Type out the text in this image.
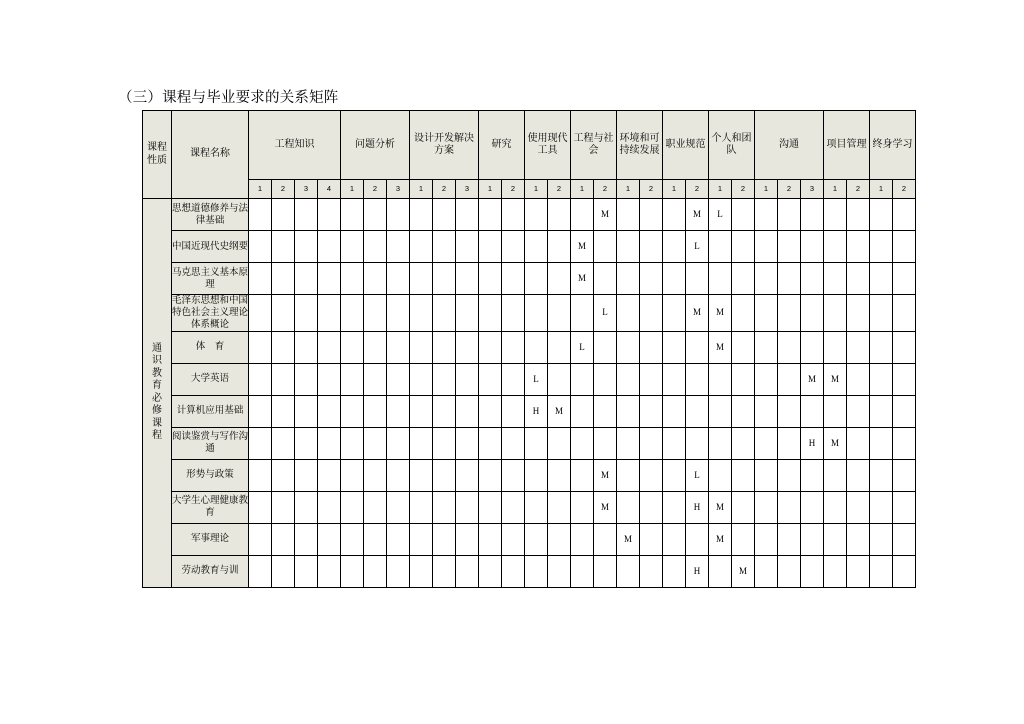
（三）课程与毕业要求的关系矩阵
课程性质	课程名称	工程知识				问题分析			设计开发解决方案			研究		使用现代工具		工程与社会		环境和可持续发展		职业规范		个人和团队		沟通			项目管理		终身学习	
		1	2	3	4	1	2	3	1	2	3	1	2	1	2	1	2	1	2	1	2	1	2	1	2	3	1	2	1	2

通
识
教
育
必
修
课
程
	思想道德修养与法律基础																M				M	L								
	中国近现代史纲要															M					L									
	马克思主义基本原理															M														
	毛泽东思想和中国特色社会主义理论体系概论																L				M	M								
	体　育															L						M								
	大学英语													L												M	M			
	计算机应用基础													H	M															
	阅读鉴赏与写作沟通																									H	M			
	形势与政策																M				L									
	大学生心理健康教育																M				H	M								
	军事理论																	M				M								
	劳动教育与训																				H		M							
